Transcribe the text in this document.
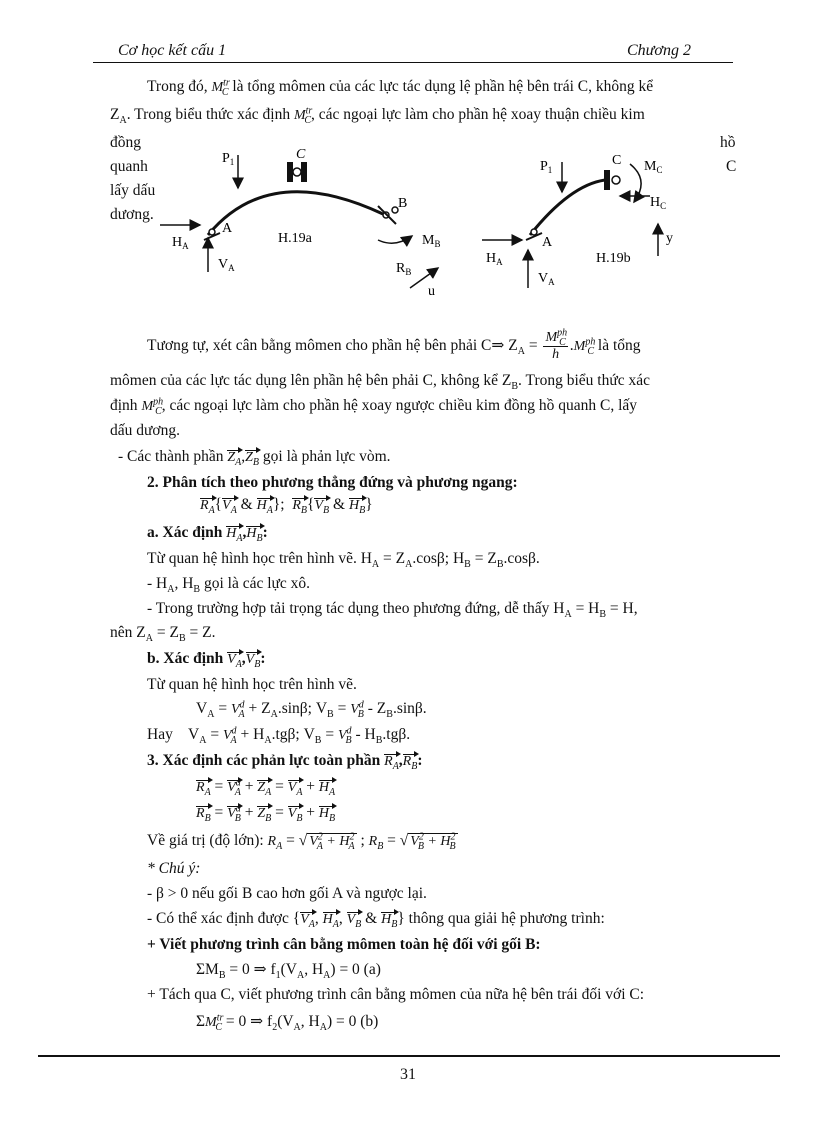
Cơ học kết cấu 1	Chương 2
Trong đó, $M^{tr}_C$ là tổng mômen của các lực tác dụng lệ phần hệ bên trái C, không kể
$Z_A$. Trong biểu thức xác định $M^{tr}_C$, các ngoại lực làm cho phần hệ xoay thuận chiều kim
đồng	hồ
quanh	C
lấy dấu
dương.
C
A
$P_1$
$H_A$
$V_A$
B
$M_B$
$R_B$
u
H.19a
C
A
$P_1$
$H_A$
$V_A$
$M_C$
$H_C$
y
H.19b
Tương tự, xét cân bằng mômen cho phần hệ bên phải C⇒ $Z_A = \frac{M^{ph}_C}{h} .M^{ph}_C$ là tổng
mômen của các lực tác dụng lên phần hệ bên phải C, không kể $Z_B$. Trong biểu thức xác
định $M^{ph}_C$, các ngoại lực làm cho phần hệ xoay ngược chiều kim đồng hồ quanh C, lấy
dấu dương.
- Các thành phần $Z_A,Z_B$ gọi là phản lực vòm.
2. Phân tích theo phương thẳng đứng và phương ngang:
$R_A\{V_A$ & $H_A$};  $R_B\{V_B$ & $H_B$}
a. Xác định $H_A,H_B$:
Từ quan hệ hình học trên hình vẽ. $H_A = Z_A.\cos\beta$; $H_B = Z_B.\cos\beta$.
- $H_A$, $H_B$ gọi là các lực xô.
- Trong trường hợp tải trọng tác dụng theo phương đứng, dễ thấy $H_A = H_B = H$,
nên $Z_A = Z_B = Z$.
b. Xác định $V_A,V_B$:
Từ quan hệ hình học trên hình vẽ.
$V_A = V^d_A + Z_A.\sin\beta$; $V_B = V^d_B - Z_B.\sin\beta$.
Hay    $V_A = V^d_A + H_A.tg\beta$; $V_B = V^d_B - H_B.tg\beta$.
3. Xác định các phản lực toàn phần $R_A,R_B$:
$R_A = V^d_A + Z_A = V_A + H_A$
$R_B = V^d_B + Z_B = V_B + H_B$
Về giá trị (độ lớn): $R_A$ = √ $V^2_A + H^2_A$ ; $R_B$ = √ $V^2_B + H^2_B$
* Chú ý:
- β > 0 nếu gối B cao hơn gối A và ngược lại.
- Có thể xác định được {$V_A$, $H_A$, $V_B$ & $H_B$} thông qua giải hệ phương trình:
+ Viết phương trình cân bằng mômen toàn hệ đối với gối B:
$\Sigma M_B = 0$ ⇒ $f_1(V_A$, $H_A) = 0$ (a)
+ Tách qua C, viết phương trình cân bằng mômen của nữa hệ bên trái đối với C:
$\Sigma M^{tr}_C = 0$ ⇒ $f_2(V_A$, $H_A) = 0$ (b)
31
